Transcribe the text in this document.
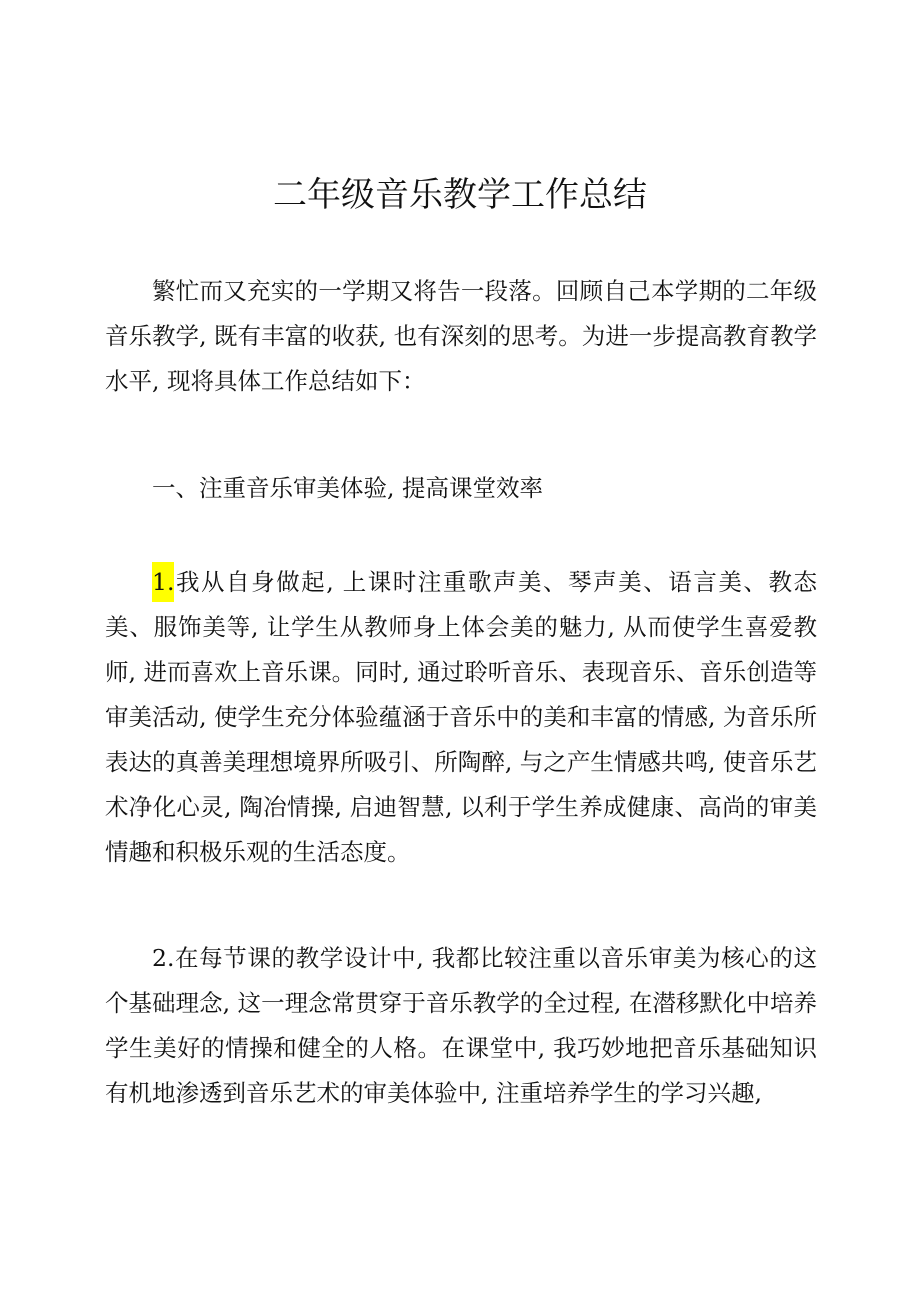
二年级音乐教学工作总结

繁忙而又充实的一学期又将告一段落。回顾自己本学期的二年级音乐教学, 既有丰富的收获, 也有深刻的思考。为进一步提高教育教学水平, 现将具体工作总结如下：

一、注重音乐审美体验, 提高课堂效率

1.我从自身做起, 上课时注重歌声美、琴声美、语言美、教态美、服饰美等, 让学生从教师身上体会美的魅力, 从而使学生喜爱教师, 进而喜欢上音乐课。同时, 通过聆听音乐、表现音乐、音乐创造等审美活动, 使学生充分体验蕴涵于音乐中的美和丰富的情感, 为音乐所表达的真善美理想境界所吸引、所陶醉, 与之产生情感共鸣, 使音乐艺术净化心灵, 陶冶情操, 启迪智慧, 以利于学生养成健康、高尚的审美情趣和积极乐观的生活态度。

2.在每节课的教学设计中, 我都比较注重以音乐审美为核心的这个基础理念, 这一理念常贯穿于音乐教学的全过程, 在潜移默化中培养学生美好的情操和健全的人格。在课堂中, 我巧妙地把音乐基础知识有机地渗透到音乐艺术的审美体验中, 注重培养学生的学习兴趣,
